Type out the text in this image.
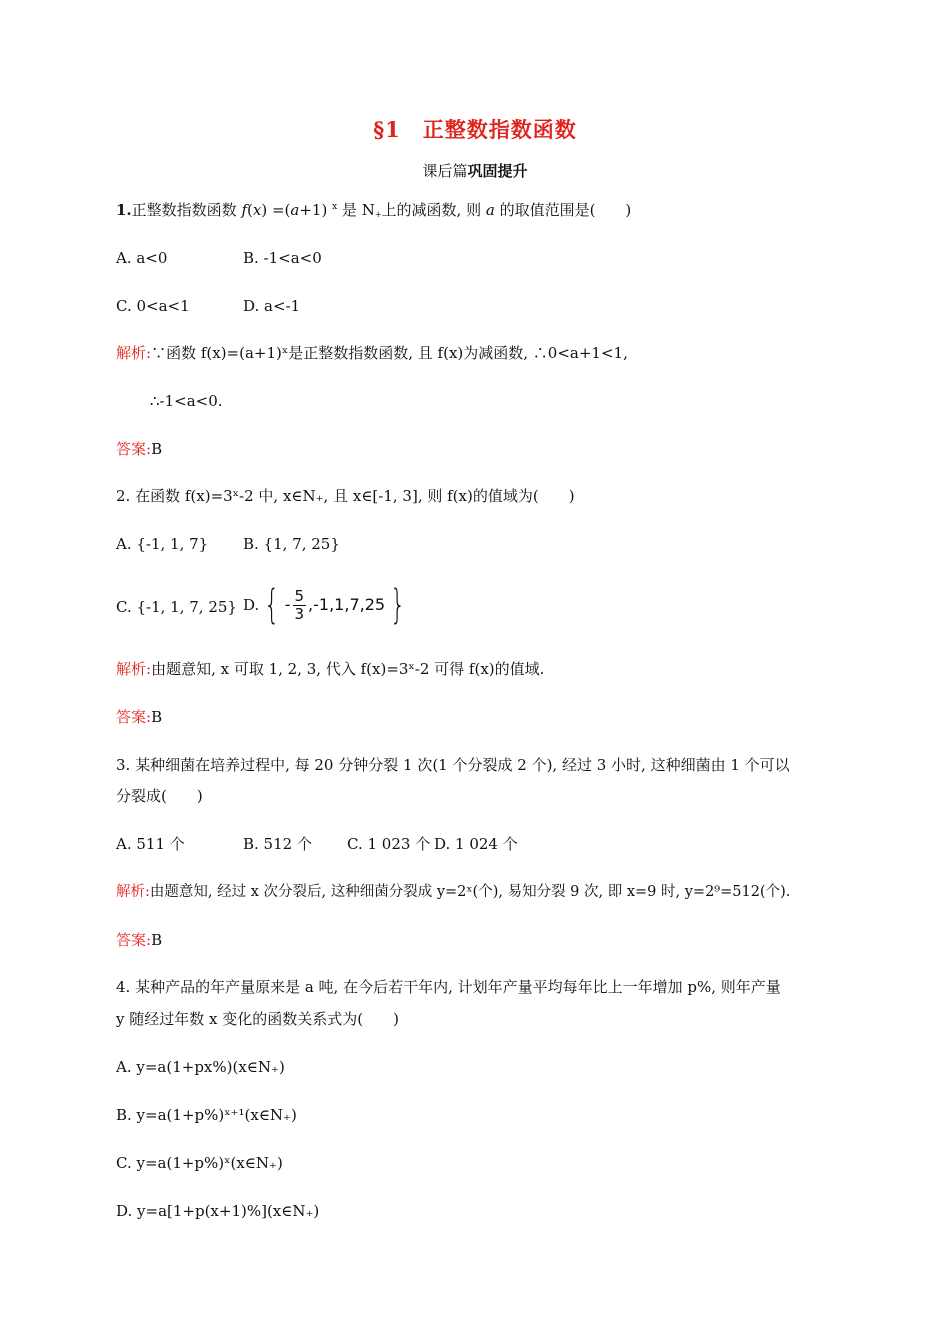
§1　正整数指数函数
课后篇巩固提升
1.正整数指数函数 f(x) =(a+1) $^x$ 是 $N_+$上的减函数, 则 a 的取值范围是(　　)
A. a<0	B. -1<a<0
C. 0<a<1	D. a<-1
解析:∵函数 f(x)=(a+1)ˣ是正整数指数函数, 且 f(x)为减函数, ∴0<a+1<1,
∴-1<a<0.
答案:B
2. 在函数 f(x)=3ˣ-2 中, x∈N₊, 且 x∈[-1, 3], 则 f(x)的值域为(　　)
A. {-1, 1, 7} B. {1, 7, 25}
C. {-1, 1, 7, 25} D. { - $\frac{5}{3} ,-1,1,7,25$ }
解析:由题意知, x 可取 1, 2, 3, 代入 f(x)=3ˣ-2 可得 f(x)的值域.
答案:B
3. 某种细菌在培养过程中, 每 20 分钟分裂 1 次(1 个分裂成 2 个), 经过 3 小时, 这种细菌由 1 个可以
分裂成(　　)
A. 511 个	B. 512 个 C. 1 023 个 D. 1 024 个
解析:由题意知, 经过 x 次分裂后, 这种细菌分裂成 y=2ˣ(个), 易知分裂 9 次, 即 x=9 时, y=2⁹=512(个).
答案:B
4. 某种产品的年产量原来是 a 吨, 在今后若干年内, 计划年产量平均每年比上一年增加 p%, 则年产量
y 随经过年数 x 变化的函数关系式为(　　)
A. y=a(1+px%)(x∈N₊)
B. y=a(1+p%)ˣ⁺¹(x∈N₊)
C. y=a(1+p%)ˣ(x∈N₊)
D. y=a[1+p(x+1)%](x∈N₊)
